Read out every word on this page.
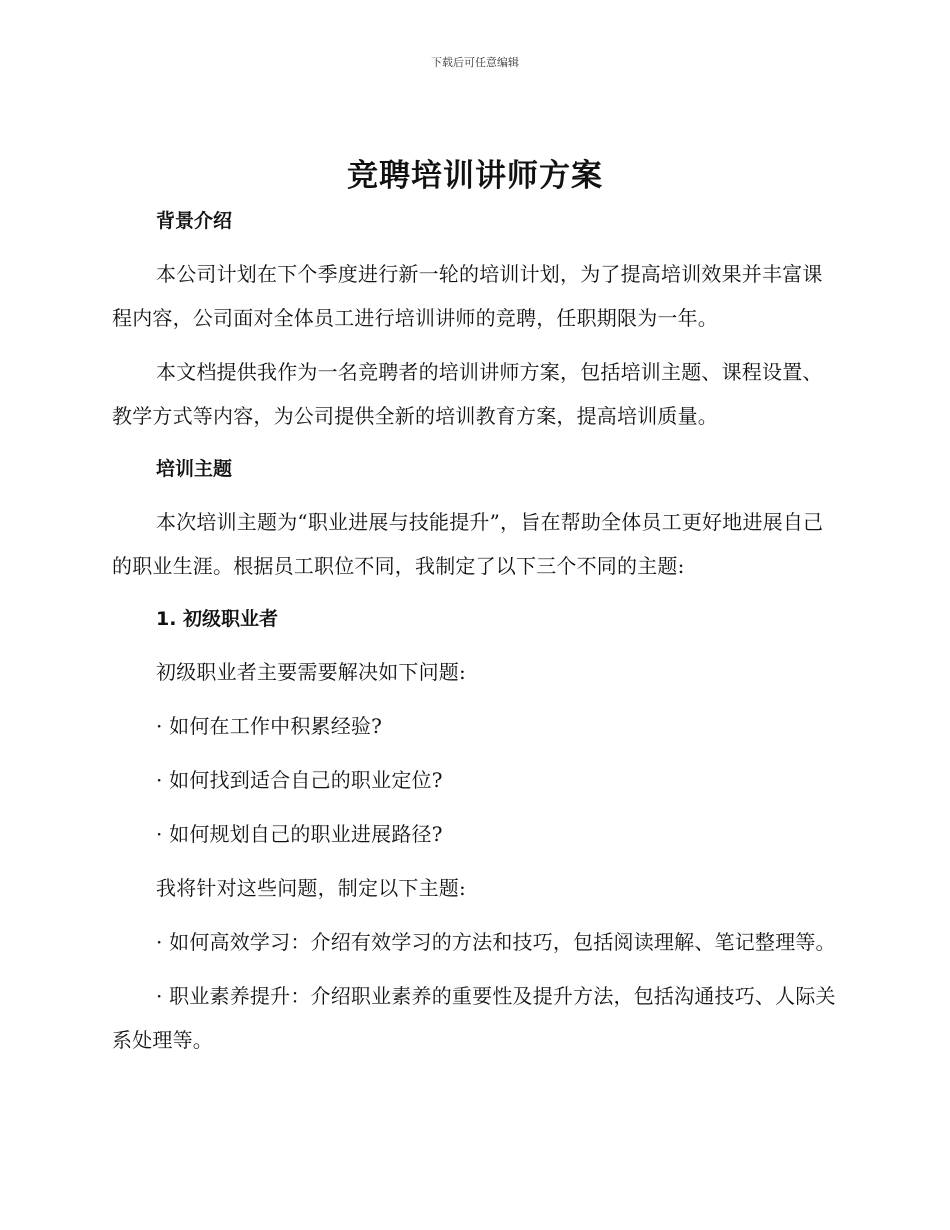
下载后可任意编辑
竞聘培训讲师方案
背景介绍

本公司计划在下个季度进行新一轮的培训计划，为了提高培训效果并丰富课程内容，公司面对全体员工进行培训讲师的竞聘，任职期限为一年。

本文档提供我作为一名竞聘者的培训讲师方案，包括培训主题、课程设置、教学方式等内容，为公司提供全新的培训教育方案，提高培训质量。

培训主题

本次培训主题为“职业进展与技能提升”，旨在帮助全体员工更好地进展自己的职业生涯。根据员工职位不同，我制定了以下三个不同的主题:

1. 初级职业者

初级职业者主要需要解决如下问题:

· 如何在工作中积累经验?

· 如何找到适合自己的职业定位?

· 如何规划自己的职业进展路径?

我将针对这些问题，制定以下主题:

· 如何高效学习：介绍有效学习的方法和技巧，包括阅读理解、笔记整理等。

· 职业素养提升：介绍职业素养的重要性及提升方法，包括沟通技巧、人际关系处理等。
